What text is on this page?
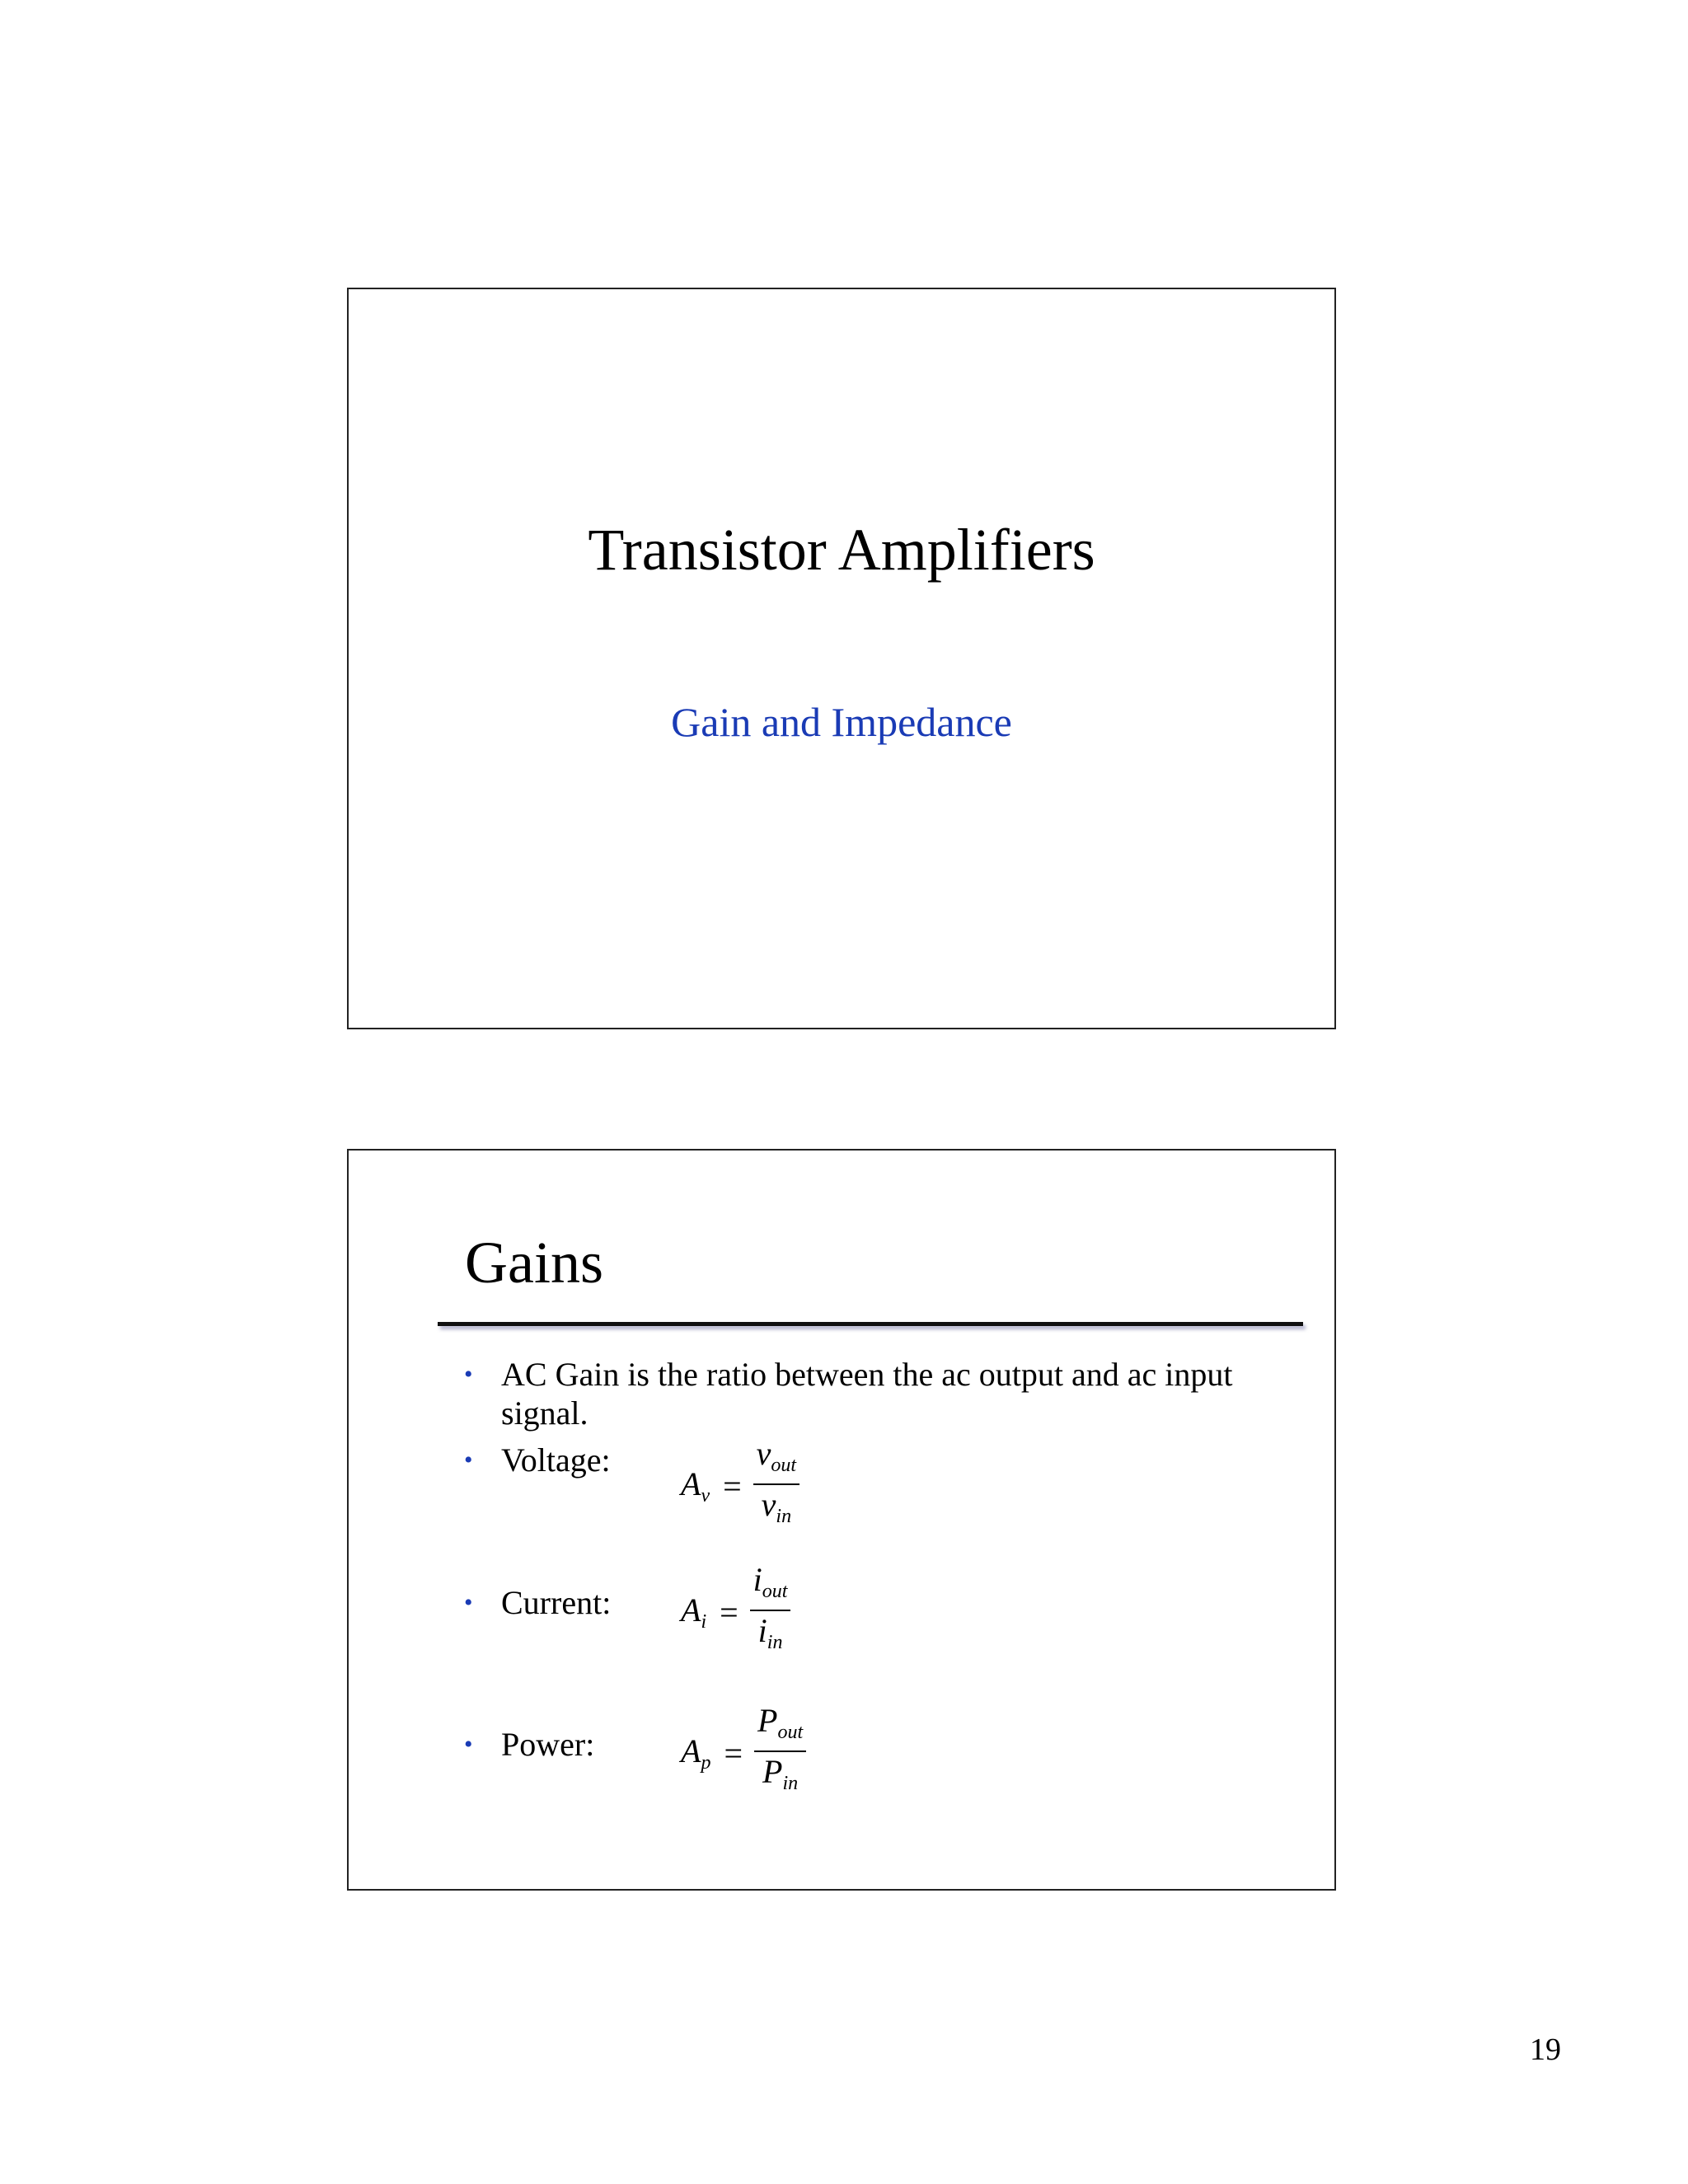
Transistor Amplifiers
Gain and Impedance
Gains
• AC Gain is the ratio between the ac output and ac input signal.
• Voltage:
• Current:
• Power:
$A_v = \frac{v_{out}}{v_{in}}$
$A_i = \frac{i_{out}}{i_{in}}$
$A_p = \frac{P_{out}}{P_{in}}$
19
